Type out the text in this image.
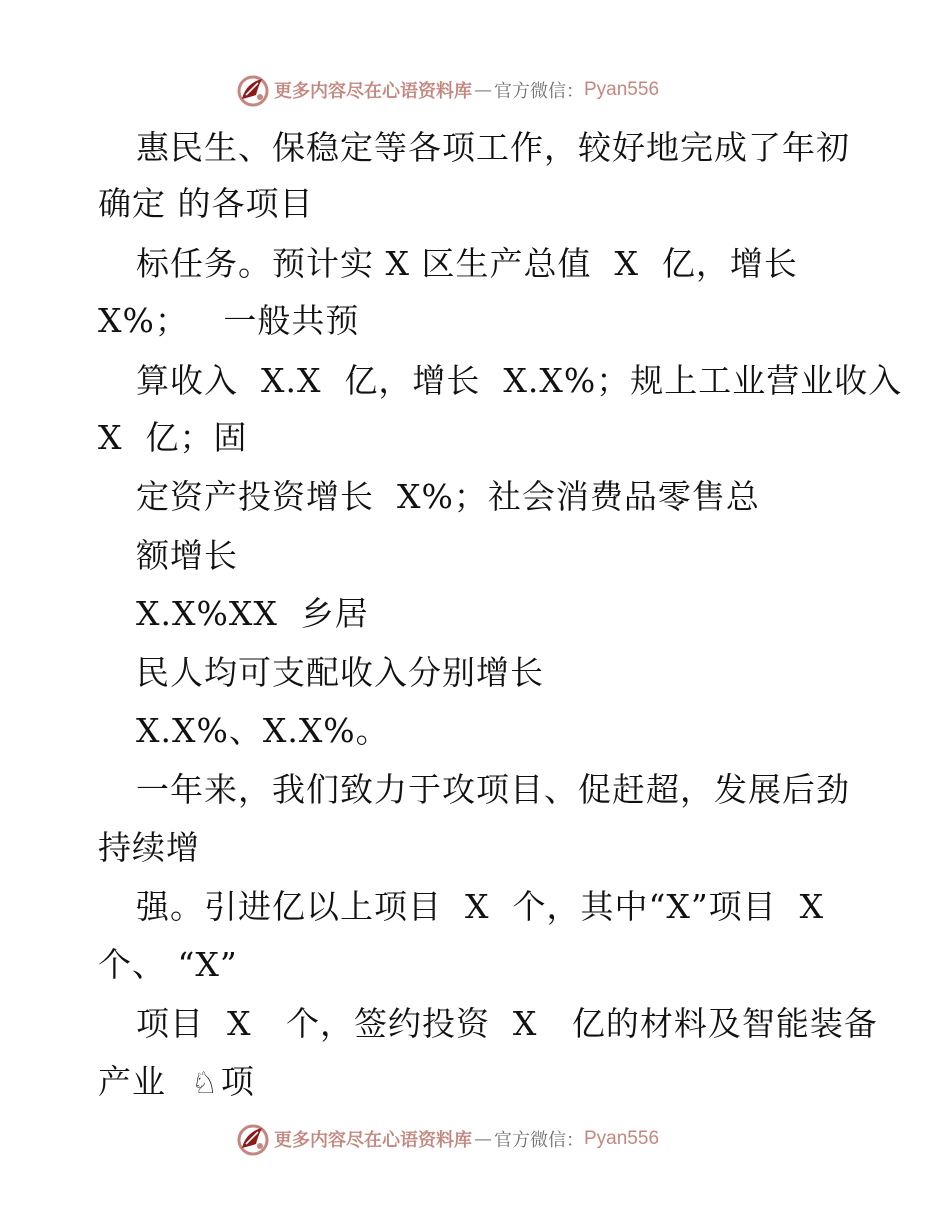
更多内容尽在心语资料库 — 官方微信： Pyan556
惠民生、保稳定等各项工作，较好地完成了年初
确定 的各项目
标任务。预计实 X 区生产总值  X  亿，增长
X%；   一般共预
算收入  X.X  亿，增长  X.X%；规上工业营业收入
X  亿；固
定资产投资增长  X%；社会消费品零售总
额增长
X.X%XX  乡居
民人均可支配收入分别增长
X.X%、X.X%。
一年来，我们致力于攻项目、促赶超，发展后劲
持续增
强。引进亿以上项目  X  个，其中“X”项目  X
个、 “X”
项目  X   个，签约投资  X   亿的材料及智能装备
产业  ♘项
更多内容尽在心语资料库 — 官方微信： Pyan556
